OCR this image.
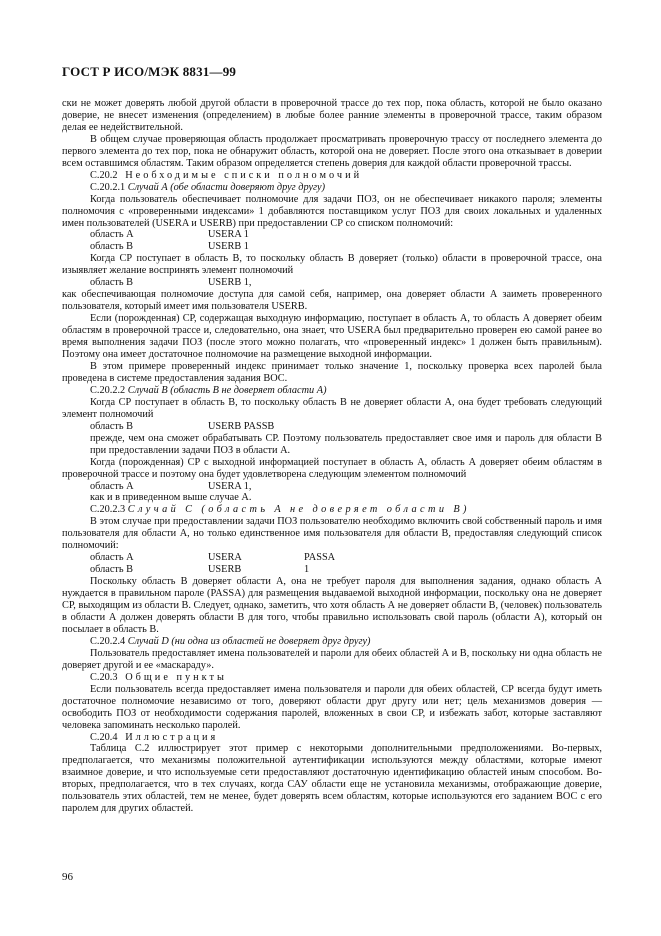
ГОСТ Р ИСО/МЭК 8831—99

ски не может доверять любой другой области в проверочной трассе до тех пор, пока область, которой не было оказано доверие, не внесет изменения (определением) в любые более ранние элементы в проверочной трассе, таким образом делая ее недействительной.

В общем случае проверяющая область продолжает просматривать проверочную трассу от последнего элемента до первого элемента до тех пор, пока не обнаружит область, которой она не доверяет. После этого она отказывает в доверии всем оставшимся областям. Таким образом определяется степень доверия для каждой области проверочной трассы.

С.20.2 Необходимые списки полномочий

С.20.2.1 Случай А (обе области доверяют друг другу)

Когда пользователь обеспечивает полномочие для задачи ПОЗ, он не обеспечивает никакого пароля; элементы полномочия с «проверенными индексами» 1 добавляются поставщиком услуг ПОЗ для своих локальных и удаленных имен пользователей (USERA и USERB) при предоставлении СР со списком полномочий:

область А	USERA 1

область В	USERB 1

Когда СР поступает в область В, то поскольку область В доверяет (только) области в проверочной трассе, она изыявляет желание воспринять элемент полномочий

область В	USERB 1,

как обеспечивающая полномочие доступа для самой себя, например, она доверяет области А заиметь проверенного пользователя, который имеет имя пользователя USERB.

Если (порожденная) СР, содержащая выходную информацию, поступает в область А, то область А доверяет обеим областям в проверочной трассе и, следовательно, она знает, что USERA был предварительно проверен ею самой ранее во время выполнения задачи ПОЗ (после этого можно полагать, что «проверенный индекс» 1 должен быть правильным). Поэтому она имеет достаточное полномочие на размещение выходной информации.

В этом примере проверенный индекс принимает только значение 1, поскольку проверка всех паролей была проведена в системе предоставления задания ВОС.

С.20.2.2 Случай В (область В не доверяет области А)

Когда СР поступает в область В, то поскольку область В не доверяет области А, она будет требовать следующий элемент полномочий

область В	USERB PASSB

прежде, чем она сможет обрабатывать СР. Поэтому пользователь предоставляет свое имя и пароль для области В при предоставлении задачи ПОЗ в области А.

Когда (порожденная) СР с выходной информацией поступает в область А, область А доверяет обеим областям в проверочной трассе и поэтому она будет удовлетворена следующим элементом полномочий

область А	USERA 1,

как и в приведенном выше случае А.

С.20.2.3 Случай С (область А не доверяет области В)

В этом случае при предоставлении задачи ПОЗ пользователю необходимо включить свой собственный пароль и имя пользователя для области А, но только единственное имя пользователя для области В, предоставляя следующий список полномочий:

область А	USERA	PASSA

область В	USERB	1

Поскольку область В доверяет области А, она не требует пароля для выполнения задания, однако область А нуждается в правильном пароле (PASSA) для размещения выдаваемой выходной информации, поскольку она не доверяет СР, выходящим из области В. Следует, однако, заметить, что хотя область А не доверяет области В, (человек) пользователь в области А должен доверять области В для того, чтобы правильно использовать свой пароль (области А), который он посылает в область В.

С.20.2.4 Случай D (ни одна из областей не доверяет друг другу)

Пользователь предоставляет имена пользователей и пароли для обеих областей А и В, поскольку ни одна область не доверяет другой и ее «маскараду».

С.20.3 Общие пункты

Если пользователь всегда предоставляет имена пользователя и пароли для обеих областей, СР всегда будут иметь достаточное полномочие независимо от того, доверяют области друг другу или нет; цель механизмов доверия — освободить ПОЗ от необходимости содержания паролей, вложенных в свои СР, и избежать забот, которые заставляют человека запоминать несколько паролей.

С.20.4 Иллюстрация

Таблица С.2 иллюстрирует этот пример с некоторыми дополнительными предположениями. Во-первых, предполагается, что механизмы положительной аутентификации используются между областями, которые имеют взаимное доверие, и что используемые сети предоставляют достаточную идентификацию областей иным способом. Во-вторых, предполагается, что в тех случаях, когда САУ области еще не установила механизмы, отображающие доверие, пользователь этих областей, тем не менее, будет доверять всем областям, которые используются его заданием ВОС с его паролем для других областей.

96
